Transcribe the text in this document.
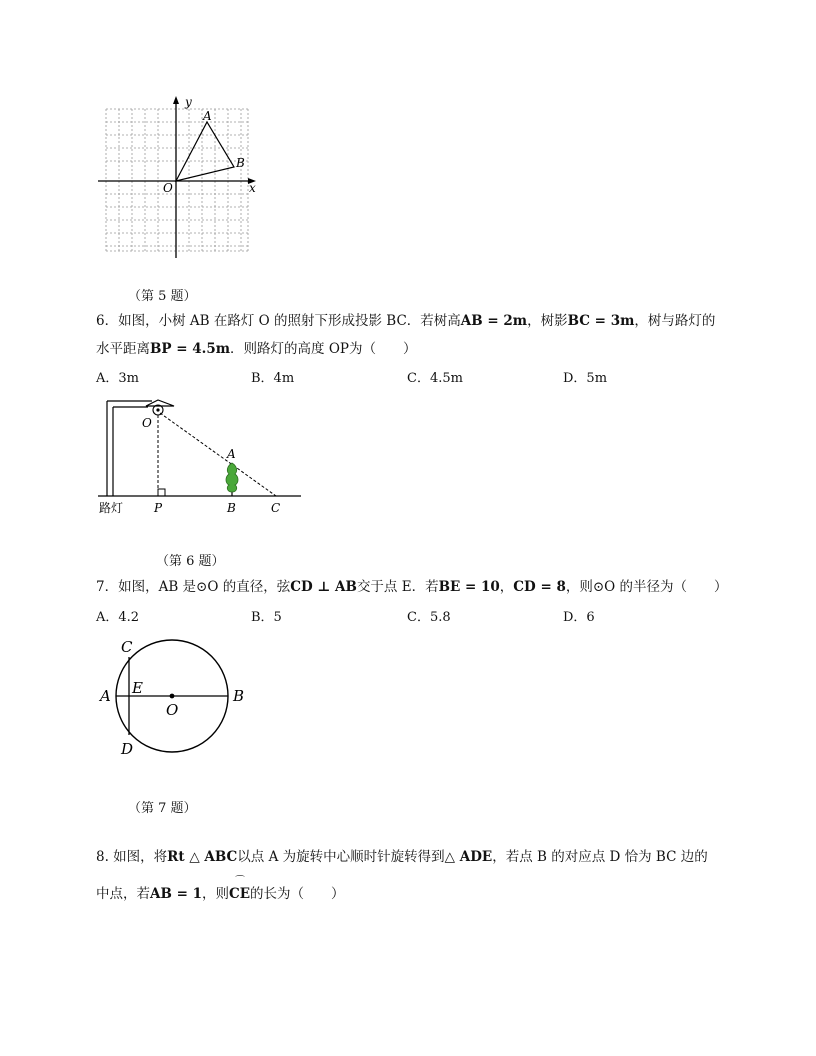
y
x
O
A
B
（第 5 题）
6．如图，小树 AB 在路灯 O 的照射下形成投影 BC．若树高AB = 2m，树影BC = 3m，树与路灯的
水平距离BP = 4.5m．则路灯的高度 OP为（　　）
A．3m	B．4m	C．4.5m	D．5m
A
O
P	B	C
路灯
（第 6 题）
7．如图，AB 是⊙O 的直径，弦CD ⊥ AB交于点 E．若BE = 10，CD = 8，则⊙O 的半径为（　　）
A．4.2	B．5	C．5.8	D．6
C
A E
O
B
D
（第 7 题）
8. 如图，将Rt △ ABC以点 A 为旋转中心顺时针旋转得到△ ADE，若点 B 的对应点 D 恰为 BC 边的
中点，若AB = 1，则
⌒
CE的长为（　　）
